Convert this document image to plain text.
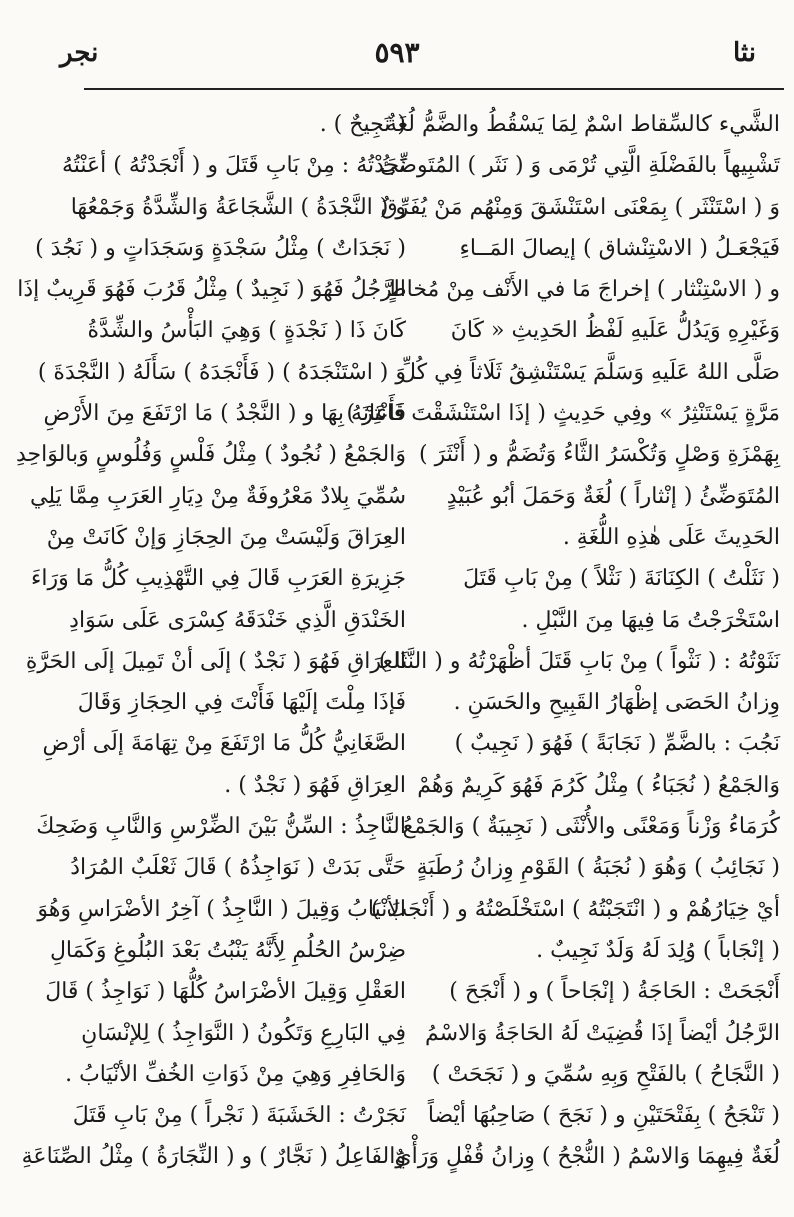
نثا
٥٩٣
نجر
الشَّيء كالسِّقاط اسْمٌ لِمَا يَسْقُطُ والضَّمُّ لُغَةٌ
تَشْبِيهاً بالفَضْلَةِ الَّتِي تُرْمَى وَ ( نَثَر ) المُتَوضِّئُ
وَ ( اسْتَنْثَر ) بِمَعْنَى اسْتَنْشَقَ وَمِنْهُم مَنْ يُفَرِّقُ
فَيَجْعَـلُ ( الاسْتِنْشاق ) إيصالَ المَــاءِ
و ( الاسْتِنْثار ) إخراجَ مَا في الأَنْف مِنْ مُخاطٍ
وَغَيْرِهِ وَيَدُلُّ عَلَيهِ لَفْظُ الحَدِيثِ « كَانَ
صَلَّى اللهُ عَلَيهِ وَسَلَّمَ يَسْتَنْشِقُ ثَلَاثاً فِي كُلِّ
مَرَّةٍ يَسْتَنْثِرُ » وفِي حَدِيثٍ ( إذَا اسْتَنْشَقْتَ فَانْثِرْ )
بِهَمْزَةِ وَصْلٍ وَتُكْسَرُ الثَّاءُ وَتُضَمُّ و ( أَنْثَرَ )
المُتَوَضِّئُ ( إنْثاراً ) لُغَةٌ وَحَمَلَ أبُو عُبَيْدٍ
الحَدِيثَ عَلَى هٰذِهِ اللُّغَةِ .
( نَثَلْتُ ) الكِنَانَةَ ( نَثْلاً ) مِنْ بَابِ قَتَلَ
اسْتَخْرَجْتُ مَا فِيهَا مِنَ النَّبْلِ .
نَثَوْتُهُ : ( نَثْواً ) مِنْ بَابِ قَتَلَ أظْهَرْتُهُ و ( النَّثَا )
وِزانُ الحَصَى إظْهَارُ القَبِيحِ والحَسَنِ .
نَجُبَ : بالضَّمِّ ( نَجَابَةً ) فَهُوَ ( نَجِيبٌ )
وَالجَمْعُ ( نُجَبَاءُ ) مِثْلُ كَرُمَ فَهُوَ كَرِيمٌ وَهُمْ
كُرَمَاءُ وَزْناً وَمَعْنًى والأُنْثَى ( نَجِيبَةٌ ) وَالجَمْعُ
( نَجَائِبُ ) وَهُوَ ( نُجَبَةُ ) القَوْمِ وِزانُ رُطَبَةٍ
أيْ خِيَارُهُمْ و ( انْتَجَبْتُهُ ) اسْتَخْلَصْتُهُ و ( أَنْجَبَ )
( إنْجَاباً ) وُلِدَ لَهُ وَلَدٌ نَجِيبٌ .
أَنْجَحَتْ : الحَاجَةُ ( إنْجَاحاً ) و ( أَنْجَحَ )
الرَّجُلُ أيْضاً إذَا قُضِيَتْ لَهُ الحَاجَةُ وَالاسْمُ
( النَّجَاحُ ) بالفَتْحِ وَبِهِ سُمِّيَ و ( نَجَحَتْ )
( تَنْجَحُ ) بِفَتْحَتَيْنِ و ( نَجَحَ ) صَاحِبُهَا أيْضاً
لُغَةٌ فِيهِمَا وَالاسْمُ ( النُّجْحُ ) وِزانُ قُفْلٍ وَرَأْيٌ
( نَجِيحٌ ) .
نَجَدْتُهُ : مِنْ بَابِ قَتَلَ و ( أَنْجَدْتُهُ ) أعَنْتُهُ
و ( النَّجْدَةُ ) الشَّجَاعَةُ وَالشِّدَّةُ وَجَمْعُهَا
( نَجَدَاتٌ ) مِثْلُ سَجْدَةٍ وَسَجَدَاتٍ و ( نَجُدَ )
الرَّجُلُ فَهُوَ ( نَجِيدٌ ) مِثْلُ قَرُبَ فَهُوَ قَرِيبٌ إذَا
كَانَ ذَا ( نَجْدَةٍ ) وَهِيَ البَأْسُ والشِّدَّةُ
وَ ( اسْتَنْجَدَهُ ) ( فَأَنْجَدَهُ ) سَأَلَهُ ( النَّجْدَةَ )
فَأَعَانَهُ بِهَا و ( النَّجْدُ ) مَا ارْتَفَعَ مِنَ الأَرْضِ
وَالجَمْعُ ( نُجُودٌ ) مِثْلُ فَلْسٍ وَفُلُوسٍ وَبالوَاحِدِ
سُمِّيَ بِلادٌ مَعْرُوفَةٌ مِنْ دِيَارِ العَرَبِ مِمَّا يَلِي
العِرَاقَ وَلَيْسَتْ مِنَ الحِجَازِ وَإنْ كَانَتْ مِنْ
جَزِيرَةِ العَرَبِ قَالَ فِي التَّهْذِيبِ كُلُّ مَا وَرَاءَ
الخَنْدَقِ الَّذِي خَنْدَقَهُ كِسْرَى عَلَى سَوَادِ
العِرَاقِ فَهُوَ ( نَجْدٌ ) إلَى أنْ تَمِيلَ إلَى الحَرَّةِ
فَإذَا مِلْتَ إلَيْهَا فَأَنْتَ فِي الحِجَازِ وَقَالَ
الصَّغَانِيُّ كُلُّ مَا ارْتَفَعَ مِنْ تِهَامَةَ إلَى أرْضِ
العِرَاقِ فَهُوَ ( نَجْدٌ ) .
النَّاجِذُ : السِّنُّ بَيْنَ الضِّرْسِ وَالنَّابِ وَضَحِكَ
حَتَّى بَدَتْ ( نَوَاجِذُهُ ) قَالَ ثَعْلَبٌ المُرَادُ
الأنْيَابُ وَقِيلَ ( النَّاجِذُ ) آخِرُ الأضْرَاسِ وَهُوَ
ضِرْسُ الحُلُمِ لِأَنَّهُ يَنْبُتُ بَعْدَ البُلُوغِ وَكَمَالِ
العَقْلِ وَقِيلَ الأضْرَاسُ كُلُّهَا ( نَوَاجِذُ ) قَالَ
فِي البَارِعِ وَتَكُونُ ( النَّوَاجِذُ ) لِلإنْسَانِ
وَالحَافِرِ وَهِيَ مِنْ ذَوَاتِ الخُفِّ الأنْيَابُ .
نَجَرْتُ : الخَشَبَةَ ( نَجْراً ) مِنْ بَابِ قَتَلَ
وَالفَاعِلُ ( نَجَّارٌ ) و ( النِّجَارَةُ ) مِثْلُ الصِّنَاعَةِ
